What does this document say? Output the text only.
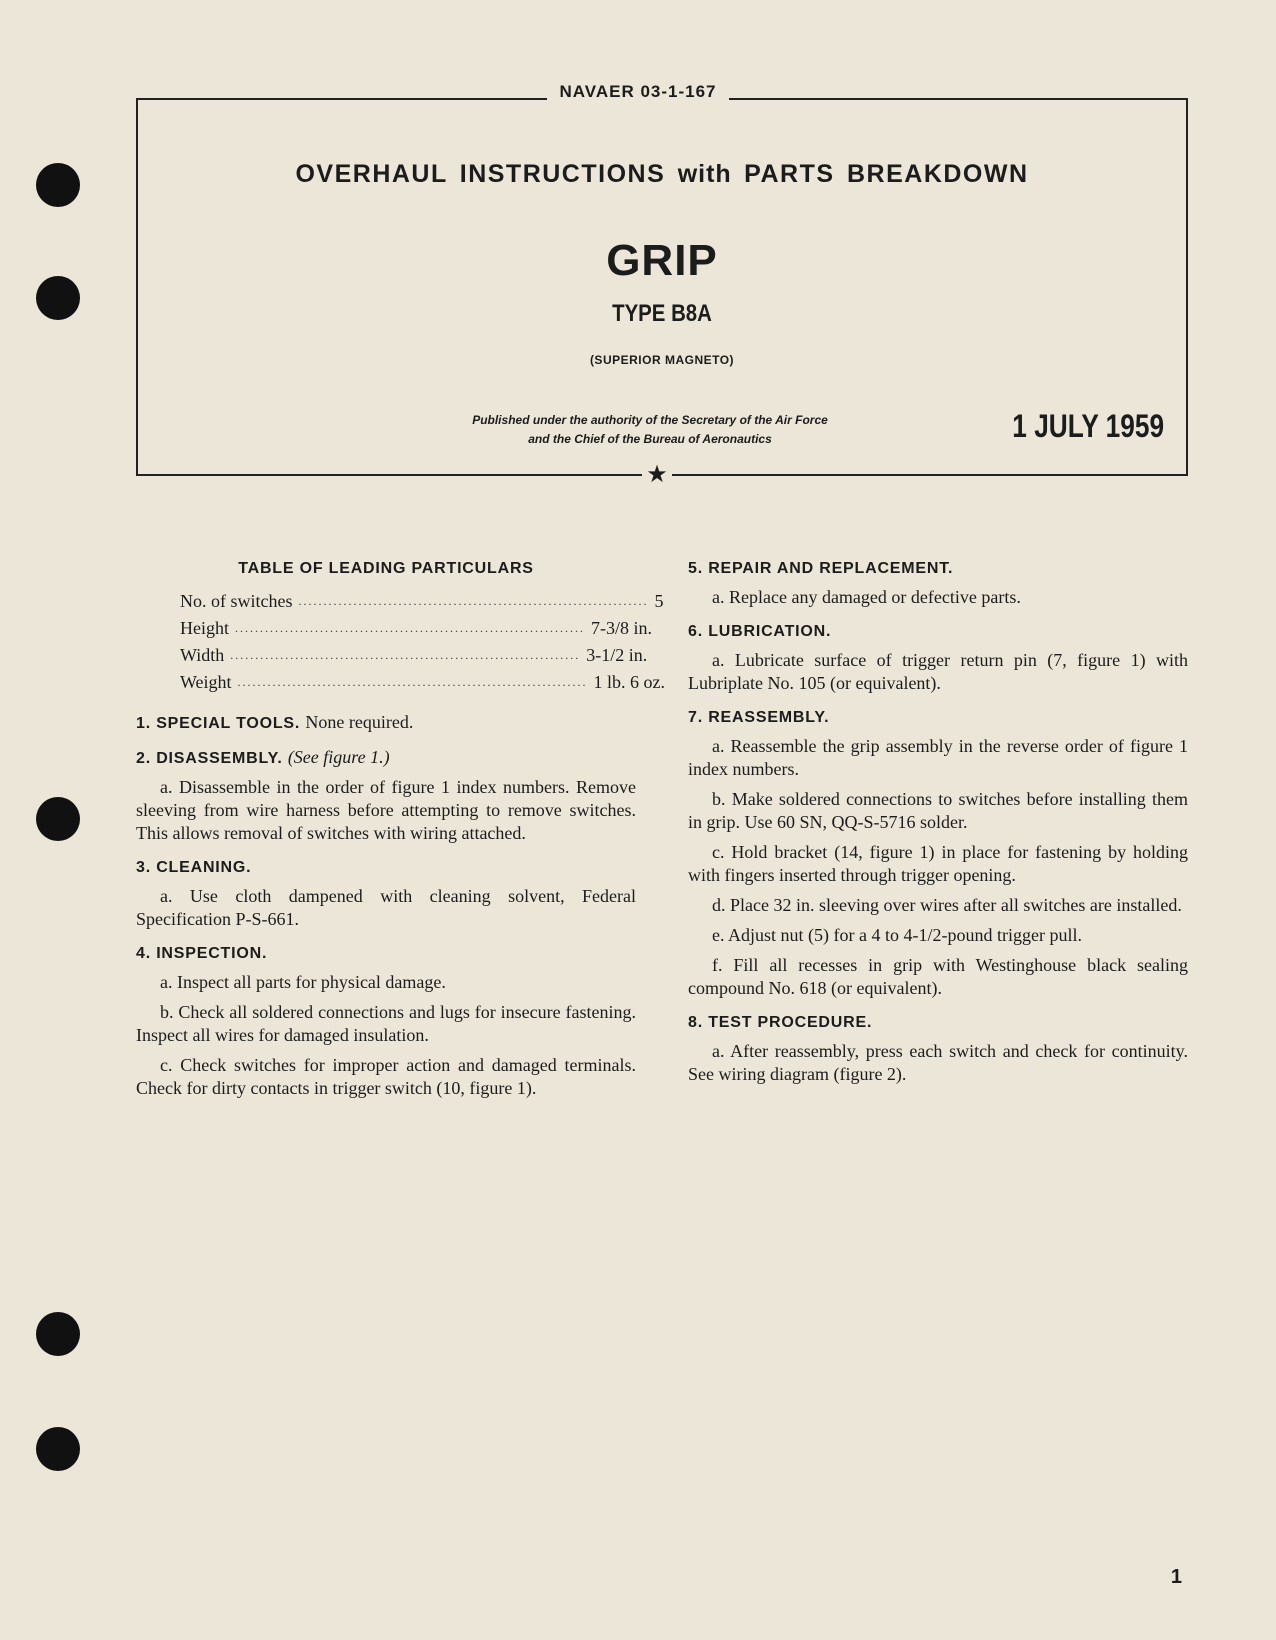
NAVAER 03-1-167
OVERHAUL INSTRUCTIONS with PARTS BREAKDOWN
GRIP
TYPE B8A
(SUPERIOR MAGNETO)
Published under the authority of the Secretary of the Air Force
and the Chief of the Bureau of Aeronautics	1 JULY 1959
★
TABLE OF LEADING PARTICULARS
No. of switches ...................................................................... 5
Height ...................................................................... 7-3/8 in.
Width ...................................................................... 3-1/2 in.
Weight ...................................................................... 1 lb. 6 oz.
1. SPECIAL TOOLS. None required.
2. DISASSEMBLY. (See figure 1.)

a. Disassemble in the order of figure 1 index numbers. Remove sleeving from wire harness before attempting to remove switches. This allows removal of switches with wiring attached.

3. CLEANING.

a. Use cloth dampened with cleaning solvent, Federal Specification P-S-661.

4. INSPECTION.

a. Inspect all parts for physical damage.

b. Check all soldered connections and lugs for insecure fastening. Inspect all wires for damaged insulation.

c. Check switches for improper action and damaged terminals. Check for dirty contacts in trigger switch (10, figure 1).

5. REPAIR AND REPLACEMENT.

a. Replace any damaged or defective parts.

6. LUBRICATION.

a. Lubricate surface of trigger return pin (7, figure 1) with Lubriplate No. 105 (or equivalent).

7. REASSEMBLY.

a. Reassemble the grip assembly in the reverse order of figure 1 index numbers.

b. Make soldered connections to switches before installing them in grip. Use 60 SN, QQ-S-5716 solder.

c. Hold bracket (14, figure 1) in place for fastening by holding with fingers inserted through trigger opening.

d. Place 32 in. sleeving over wires after all switches are installed.

e. Adjust nut (5) for a 4 to 4-1/2-pound trigger pull.

f. Fill all recesses in grip with Westinghouse black sealing compound No. 618 (or equivalent).

8. TEST PROCEDURE.

a. After reassembly, press each switch and check for continuity. See wiring diagram (figure 2).

1
